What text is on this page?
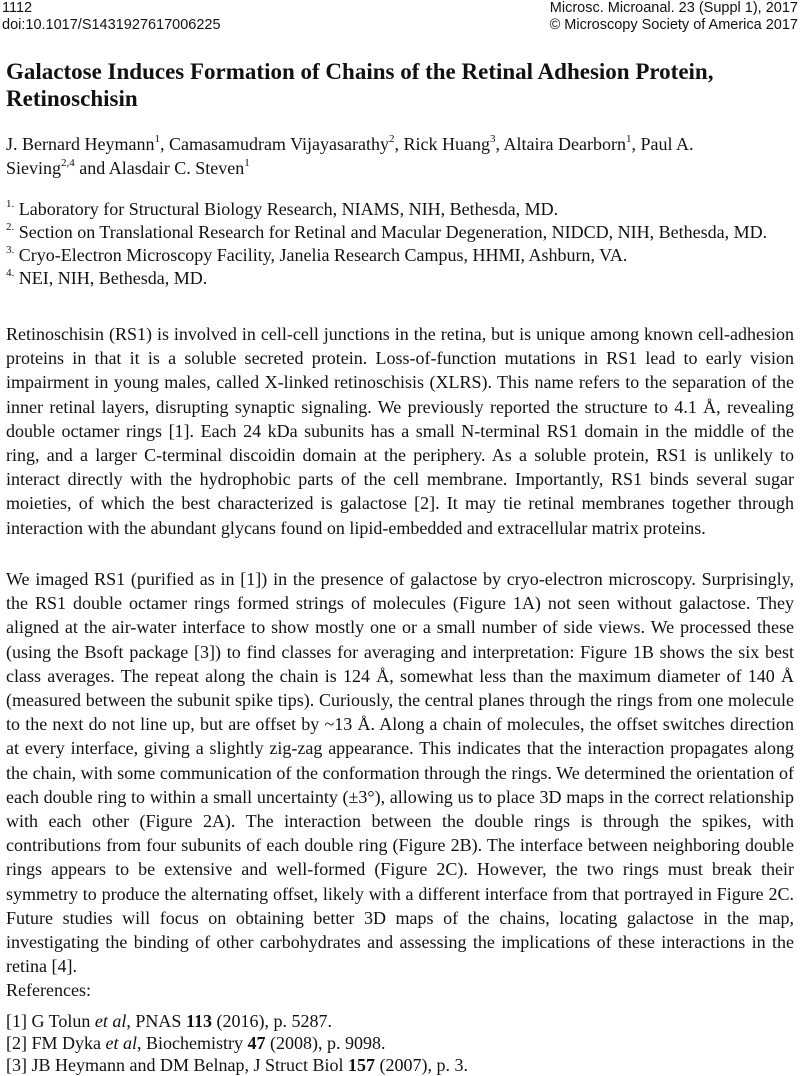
1112
doi:10.1017/S1431927617006225
Microsc. Microanal. 23 (Suppl 1), 2017
© Microscopy Society of America 2017
Galactose Induces Formation of Chains of the Retinal Adhesion Protein, Retinoschisin
J. Bernard Heymann$^1$, Camasamudram Vijayasarathy$^2$, Rick Huang$^3$, Altaira Dearborn$^1$, Paul A. Sieving$^{2,4}$ and Alasdair C. Steven$^1$
$^{1.}$ Laboratory for Structural Biology Research, NIAMS, NIH, Bethesda, MD.
$^{2.}$ Section on Translational Research for Retinal and Macular Degeneration, NIDCD, NIH, Bethesda, MD.
$^{3.}$ Cryo-Electron Microscopy Facility, Janelia Research Campus, HHMI, Ashburn, VA.
$^{4.}$ NEI, NIH, Bethesda, MD.

Retinoschisin (RS1) is involved in cell-cell junctions in the retina, but is unique among known cell-adhesion proteins in that it is a soluble secreted protein. Loss-of-function mutations in RS1 lead to early vision impairment in young males, called X-linked retinoschisis (XLRS). This name refers to the separation of the inner retinal layers, disrupting synaptic signaling. We previously reported the structure to 4.1 Å, revealing double octamer rings [1]. Each 24 kDa subunits has a small N-terminal RS1 domain in the middle of the ring, and a larger C-terminal discoidin domain at the periphery. As a soluble protein, RS1 is unlikely to interact directly with the hydrophobic parts of the cell membrane. Importantly, RS1 binds several sugar moieties, of which the best characterized is galactose [2]. It may tie retinal membranes together through interaction with the abundant glycans found on lipid-embedded and extracellular matrix proteins.

We imaged RS1 (purified as in [1]) in the presence of galactose by cryo-electron microscopy. Surprisingly, the RS1 double octamer rings formed strings of molecules (Figure 1A) not seen without galactose. They aligned at the air-water interface to show mostly one or a small number of side views. We processed these (using the Bsoft package [3]) to find classes for averaging and interpretation: Figure 1B shows the six best class averages. The repeat along the chain is 124 Å, somewhat less than the maximum diameter of 140 Å (measured between the subunit spike tips). Curiously, the central planes through the rings from one molecule to the next do not line up, but are offset by ~13 Å. Along a chain of molecules, the offset switches direction at every interface, giving a slightly zig-zag appearance. This indicates that the interaction propagates along the chain, with some communication of the conformation through the rings. We determined the orientation of each double ring to within a small uncertainty (±3°), allowing us to place 3D maps in the correct relationship with each other (Figure 2A). The interaction between the double rings is through the spikes, with contributions from four subunits of each double ring (Figure 2B). The interface between neighboring double rings appears to be extensive and well-formed (Figure 2C). However, the two rings must break their symmetry to produce the alternating offset, likely with a different interface from that portrayed in Figure 2C. Future studies will focus on obtaining better 3D maps of the chains, locating galactose in the map, investigating the binding of other carbohydrates and assessing the implications of these interactions in the retina [4].

References:
[1] G Tolun et al, PNAS 113 (2016), p. 5287.
[2] FM Dyka et al, Biochemistry 47 (2008), p. 9098.
[3] JB Heymann and DM Belnap, J Struct Biol 157 (2007), p. 3.
